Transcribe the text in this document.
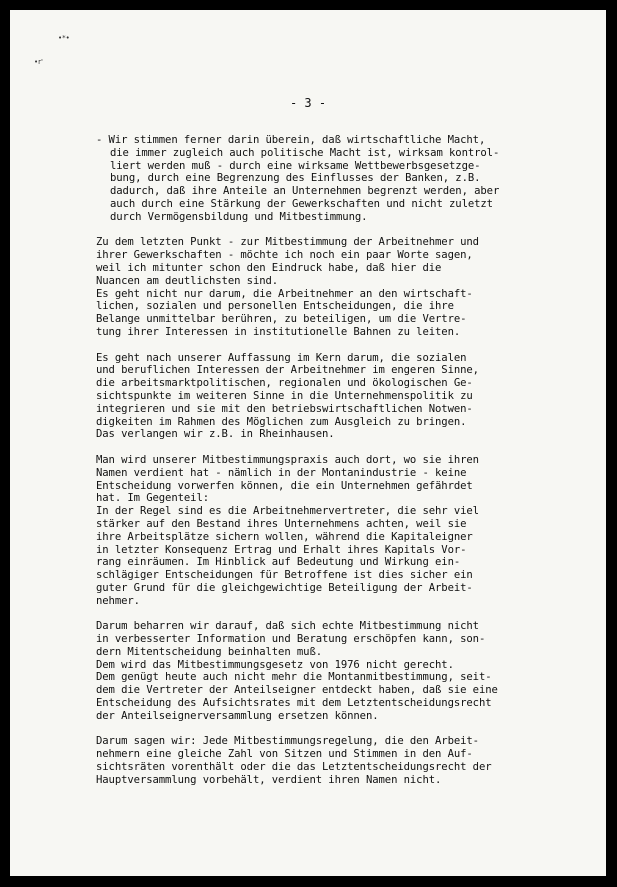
•*•
•r'
- 3 -
- Wir stimmen ferner darin überein, daß wirtschaftliche Macht,
die immer zugleich auch politische Macht ist, wirksam kontrol-
liert werden muß - durch eine wirksame Wettbewerbsgesetzge-
bung, durch eine Begrenzung des Einflusses der Banken, z.B.
dadurch, daß ihre Anteile an Unternehmen begrenzt werden, aber
auch durch eine Stärkung der Gewerkschaften und nicht zuletzt
durch Vermögensbildung und Mitbestimmung.
Zu dem letzten Punkt - zur Mitbestimmung der Arbeitnehmer und
ihrer Gewerkschaften - möchte ich noch ein paar Worte sagen,
weil ich mitunter schon den Eindruck habe, daß hier die
Nuancen am deutlichsten sind.
Es geht nicht nur darum, die Arbeitnehmer an den wirtschaft-
lichen, sozialen und personellen Entscheidungen, die ihre
Belange unmittelbar berühren, zu beteiligen, um die Vertre-
tung ihrer Interessen in institutionelle Bahnen zu leiten.
Es geht nach unserer Auffassung im Kern darum, die sozialen
und beruflichen Interessen der Arbeitnehmer im engeren Sinne,
die arbeitsmarktpolitischen, regionalen und ökologischen Ge-
sichtspunkte im weiteren Sinne in die Unternehmenspolitik zu
integrieren und sie mit den betriebswirtschaftlichen Notwen-
digkeiten im Rahmen des Möglichen zum Ausgleich zu bringen.
Das verlangen wir z.B. in Rheinhausen.
Man wird unserer Mitbestimmungspraxis auch dort, wo sie ihren
Namen verdient hat - nämlich in der Montanindustrie - keine
Entscheidung vorwerfen können, die ein Unternehmen gefährdet
hat. Im Gegenteil:
In der Regel sind es die Arbeitnehmervertreter, die sehr viel
stärker auf den Bestand ihres Unternehmens achten, weil sie
ihre Arbeitsplätze sichern wollen, während die Kapitaleigner
in letzter Konsequenz Ertrag und Erhalt ihres Kapitals Vor-
rang einräumen. Im Hinblick auf Bedeutung und Wirkung ein-
schlägiger Entscheidungen für Betroffene ist dies sicher ein
guter Grund für die gleichgewichtige Beteiligung der Arbeit-
nehmer.
Darum beharren wir darauf, daß sich echte Mitbestimmung nicht
in verbesserter Information und Beratung erschöpfen kann, son-
dern Mitentscheidung beinhalten muß.
Dem wird das Mitbestimmungsgesetz von 1976 nicht gerecht.
Dem genügt heute auch nicht mehr die Montanmitbestimmung, seit-
dem die Vertreter der Anteilseigner entdeckt haben, daß sie eine
Entscheidung des Aufsichtsrates mit dem Letztentscheidungsrecht
der Anteilseignerversammlung ersetzen können.
Darum sagen wir: Jede Mitbestimmungsregelung, die den Arbeit-
nehmern eine gleiche Zahl von Sitzen und Stimmen in den Auf-
sichtsräten vorenthält oder die das Letztentscheidungsrecht der
Hauptversammlung vorbehält, verdient ihren Namen nicht.
